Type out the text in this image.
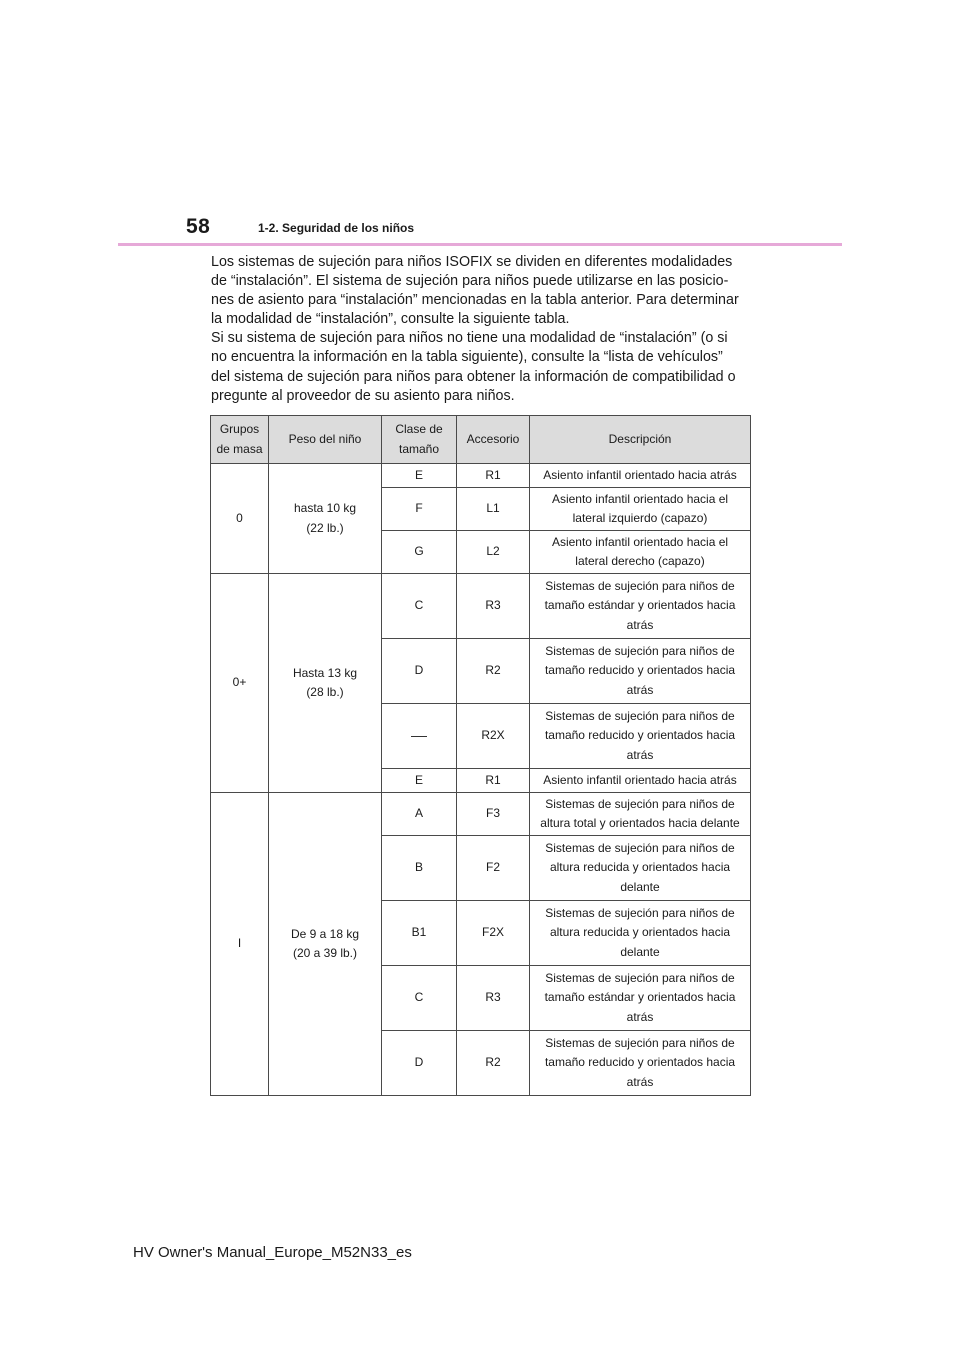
58	1-2. Seguridad de los niños
Los sistemas de sujeción para niños ISOFIX se dividen en diferentes modalidades
de “instalación”. El sistema de sujeción para niños puede utilizarse en las posicio-
nes de asiento para “instalación” mencionadas en la tabla anterior. Para determinar
la modalidad de “instalación”, consulte la siguiente tabla.
Si su sistema de sujeción para niños no tiene una modalidad de “instalación” (o si
no encuentra la información en la tabla siguiente), consulte la “lista de vehículos”
del sistema de sujeción para niños para obtener la información de compatibilidad o
pregunte al proveedor de su asiento para niños.
Grupos
de masa	Peso del niño	Clase de
tamaño	Accesorio	Descripción
0	hasta 10 kg
(22 lb.)	E	R1	Asiento infantil orientado hacia atrás
		F	L1	Asiento infantil orientado hacia el
lateral izquierdo (capazo)
		G	L2	Asiento infantil orientado hacia el
lateral derecho (capazo)
0+	Hasta 13 kg
(28 lb.)	C	R3	Sistemas de sujeción para niños de
tamaño estándar y orientados hacia
atrás
		D	R2	Sistemas de sujeción para niños de
tamaño reducido y orientados hacia
atrás
			R2X	Sistemas de sujeción para niños de
tamaño reducido y orientados hacia
atrás
		E	R1	Asiento infantil orientado hacia atrás
I	De 9 a 18 kg
(20 a 39 lb.)	A	F3	Sistemas de sujeción para niños de
altura total y orientados hacia delante
		B	F2	Sistemas de sujeción para niños de
altura reducida y orientados hacia
delante
		B1	F2X	Sistemas de sujeción para niños de
altura reducida y orientados hacia
delante
		C	R3	Sistemas de sujeción para niños de
tamaño estándar y orientados hacia
atrás
		D	R2	Sistemas de sujeción para niños de
tamaño reducido y orientados hacia
atrás
HV Owner's Manual_Europe_M52N33_es
